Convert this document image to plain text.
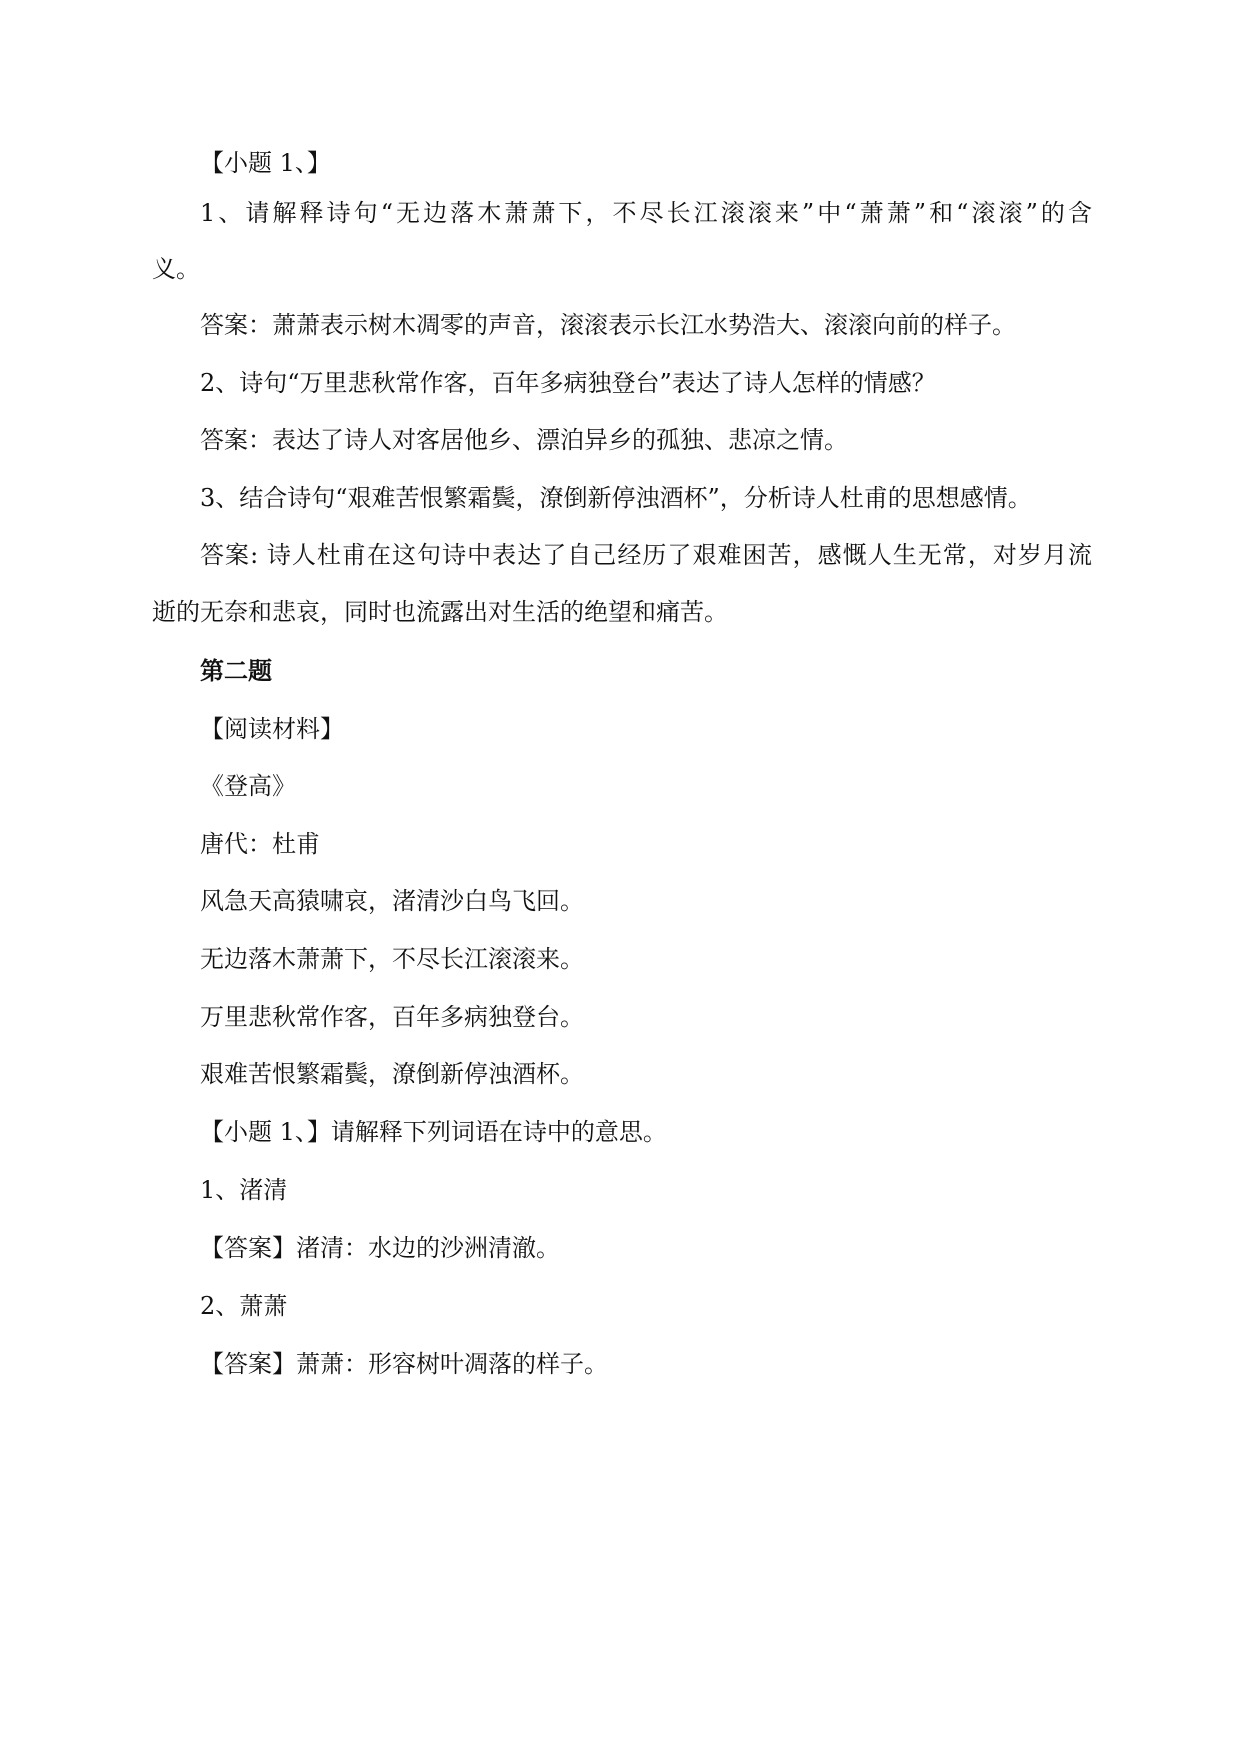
【小题 1、】
1、请解释诗句“无边落木萧萧下，不尽长江滚滚来”中“萧萧”和“滚滚”的含
义。
答案：萧萧表示树木凋零的声音，滚滚表示长江水势浩大、滚滚向前的样子。
2、诗句“万里悲秋常作客，百年多病独登台”表达了诗人怎样的情感？
答案：表达了诗人对客居他乡、漂泊异乡的孤独、悲凉之情。
3、结合诗句“艰难苦恨繁霜鬓，潦倒新停浊酒杯”，分析诗人杜甫的思想感情。
答案: 诗人杜甫在这句诗中表达了自己经历了艰难困苦，感慨人生无常，对岁月流
逝的无奈和悲哀，同时也流露出对生活的绝望和痛苦。
第二题
【阅读材料】
《登高》
唐代：杜甫
风急天高猿啸哀，渚清沙白鸟飞回。
无边落木萧萧下，不尽长江滚滚来。
万里悲秋常作客，百年多病独登台。
艰难苦恨繁霜鬓，潦倒新停浊酒杯。
【小题 1、】请解释下列词语在诗中的意思。
1、渚清
【答案】渚清：水边的沙洲清澈。
2、萧萧
【答案】萧萧：形容树叶凋落的样子。
